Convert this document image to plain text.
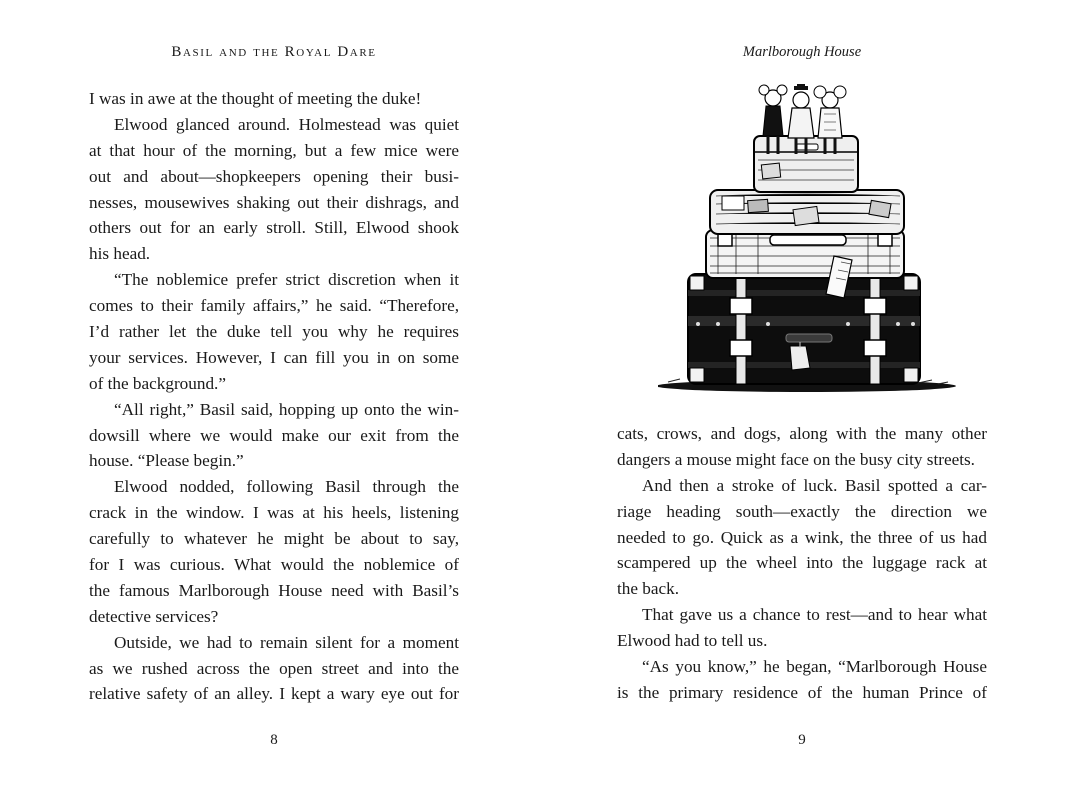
Basil and the Royal Dare
I was in awe at the thought of meeting the duke!
Elwood glanced around. Holmestead was quiet
at that hour of the morning, but a few mice were
out and about—shopkeepers opening their busi-
nesses, mousewives shaking out their dishrags, and
others out for an early stroll. Still, Elwood shook
his head.
“The noblemice prefer strict discretion when it
comes to their family affairs,” he said. “Therefore,
I’d rather let the duke tell you why he requires
your services. However, I can fill you in on some
of the background.”
“All right,” Basil said, hopping up onto the win-
dowsill where we would make our exit from the
house. “Please begin.”
Elwood nodded, following Basil through the
crack in the window. I was at his heels, listening
carefully to whatever he might be about to say,
for I was curious. What would the noblemice of
the famous Marlborough House need with Basil’s
detective services?
Outside, we had to remain silent for a moment
as we rushed across the open street and into the
relative safety of an alley. I kept a wary eye out for
8
Marlborough House
cats, crows, and dogs, along with the many other
dangers a mouse might face on the busy city streets.
And then a stroke of luck. Basil spotted a car-
riage heading south—exactly the direction we
needed to go. Quick as a wink, the three of us had
scampered up the wheel into the luggage rack at
the back.
That gave us a chance to rest—and to hear what
Elwood had to tell us.
“As you know,” he began, “Marlborough House
is the primary residence of the human Prince of
9
